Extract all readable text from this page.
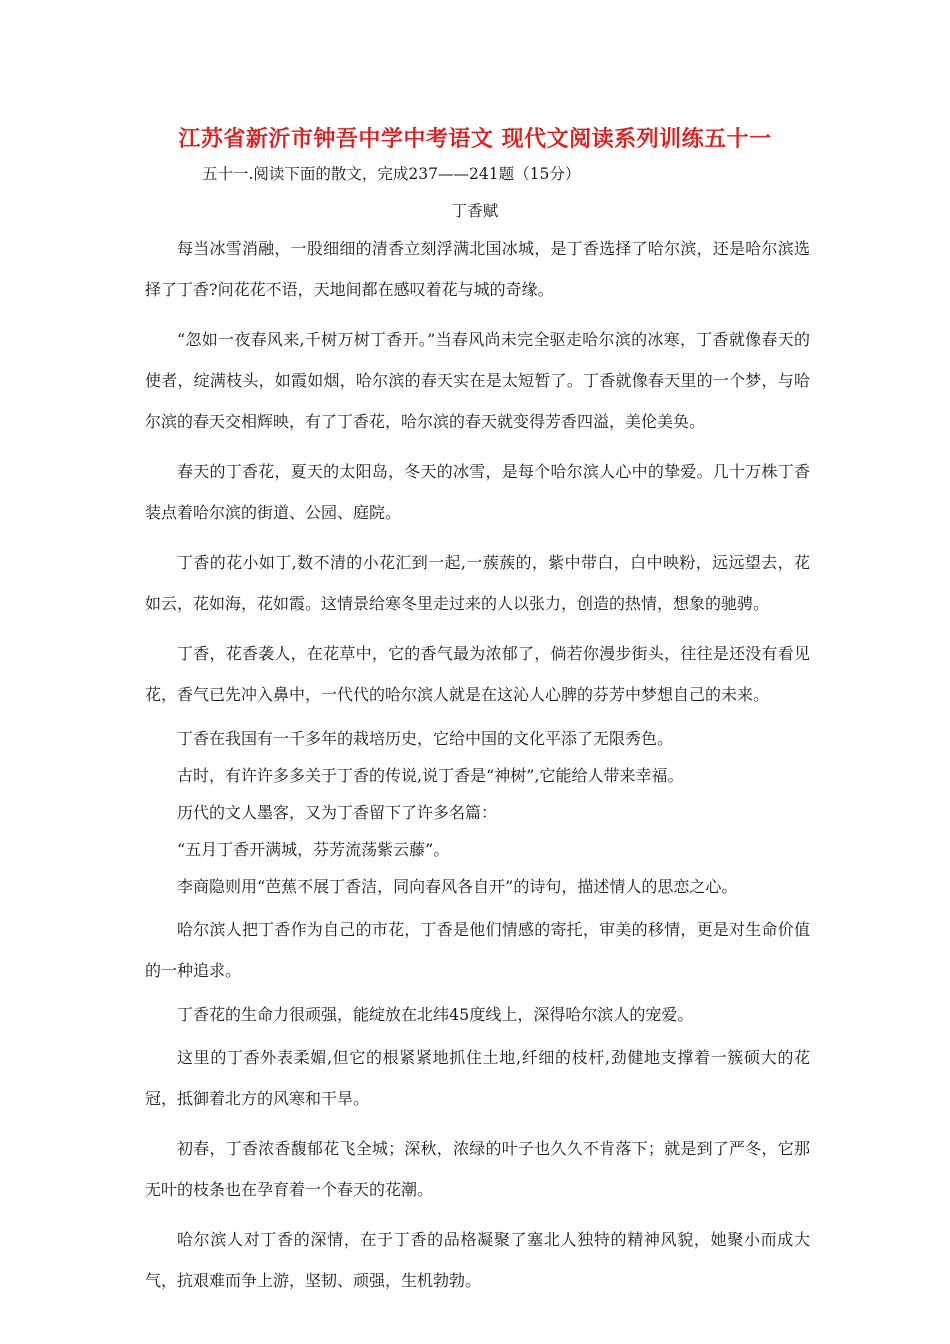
江苏省新沂市钟吾中学中考语文 现代文阅读系列训练五十一

五十一.阅读下面的散文，完成237——241题（15分）

丁香赋

每当冰雪消融，一股细细的清香立刻浮满北国冰城，是丁香选择了哈尔滨，还是哈尔滨选择了丁香?问花花不语，天地间都在感叹着花与城的奇缘。

“忽如一夜春风来,千树万树丁香开。”当春风尚未完全驱走哈尔滨的冰寒，丁香就像春天的使者，绽满枝头，如霞如烟，哈尔滨的春天实在是太短暂了。丁香就像春天里的一个梦，与哈尔滨的春天交相辉映，有了丁香花，哈尔滨的春天就变得芳香四溢，美伦美奂。

春天的丁香花，夏天的太阳岛，冬天的冰雪，是每个哈尔滨人心中的挚爱。几十万株丁香装点着哈尔滨的街道、公园、庭院。

丁香的花小如丁,数不清的小花汇到一起,一蔟蔟的，紫中带白，白中映粉，远远望去，花如云，花如海，花如霞。这情景给寒冬里走过来的人以张力，创造的热情，想象的驰骋。

丁香，花香袭人，在花草中，它的香气最为浓郁了，倘若你漫步街头，往往是还没有看见花，香气已先冲入鼻中，一代代的哈尔滨人就是在这沁人心脾的芬芳中梦想自己的未来。

丁香在我国有一千多年的栽培历史，它给中国的文化平添了无限秀色。

古时，有许许多多关于丁香的传说,说丁香是“神树”,它能给人带来幸福。

历代的文人墨客，又为丁香留下了许多名篇：

“五月丁香开满城，芬芳流荡紫云藤”。

李商隐则用“芭蕉不展丁香洁，同向春风各自开”的诗句，描述情人的思恋之心。

哈尔滨人把丁香作为自己的市花，丁香是他们情感的寄托，审美的移情，更是对生命价值的一种追求。

丁香花的生命力很顽强，能绽放在北纬45度线上，深得哈尔滨人的宠爱。

这里的丁香外表柔媚,但它的根紧紧地抓住土地,纤细的枝杆,劲健地支撑着一簇硕大的花冠，抵御着北方的风寒和干旱。

初春，丁香浓香馥郁花飞全城；深秋，浓绿的叶子也久久不肯落下；就是到了严冬，它那无叶的枝条也在孕育着一个春天的花潮。

哈尔滨人对丁香的深情，在于丁香的品格凝聚了塞北人独特的精神风貌，她聚小而成大气，抗艰难而争上游，坚韧、顽强，生机勃勃。
